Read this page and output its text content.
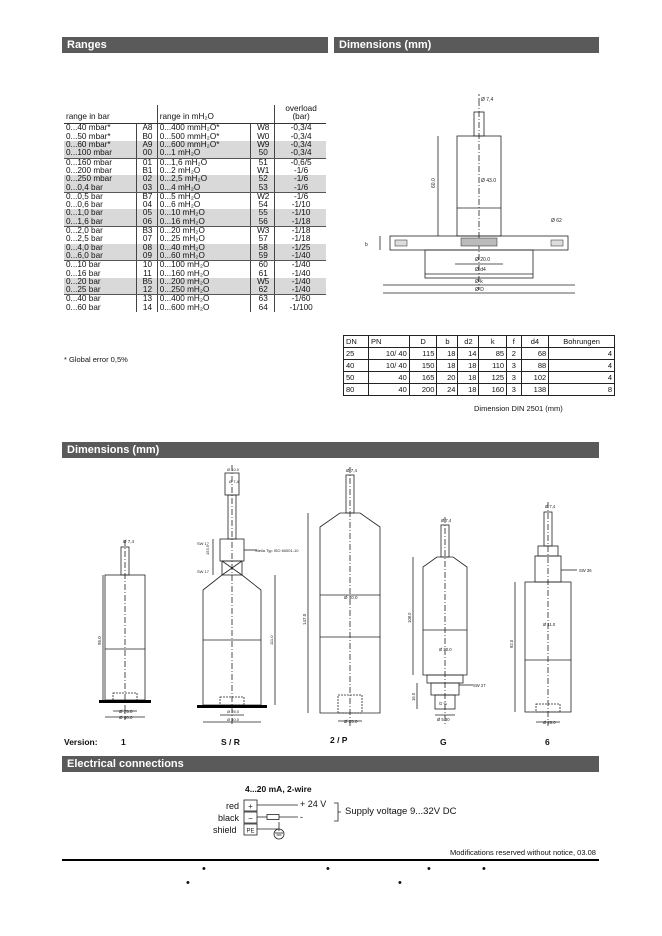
Ranges	Dimensions (mm)
Dimensions (mm)
Electrical connections
range in bar		range in mH₂O		overload
(bar)

0...40 mbar*	A8	0...400 mmH₂O*	W8	-0,3/4
0...50 mbar*	B0	0...500 mmH₂O*	W0	-0,3/4
0...60 mbar*	A9	0...600 mmH₂O*	W9	-0,3/4
0...100 mbar	00	0...1 mH₂O	50	-0,3/4
0...160 mbar	01	0...1,6 mH₂O	51	-0,6/5
0...200 mbar	B1	0...2 mH₂O	W1	-1/6
0...250 mbar	02	0...2,5 mH₂O	52	-1/6
0...0,4 bar	03	0...4 mH₂O	53	-1/6
0...0,5 bar	B7	0...5 mH₂O	W2	-1/6
0...0,6 bar	04	0...6 mH₂O	54	-1/10
0...1,0 bar	05	0...10 mH₂O	55	-1/10
0...1,6 bar	06	0...16 mH₂O	56	-1/18
0...2,0 bar	B3	0...20 mH₂O	W3	-1/18
0...2,5 bar	07	0...25 mH₂O	57	-1/18
0...4,0 bar	08	0...40 mH₂O	58	-1/25
0...6,0 bar	09	0...60 mH₂O	59	-1/40
0...10 bar	10	0...100 mH₂O	60	-1/40
0...16 bar	11	0...160 mH₂O	61	-1/40
0...20 bar	B5	0...200 mH₂O	W5	-1/40
0...25 bar	12	0...250 mH₂O	62	-1/40
0...40 bar	13	0...400 mH₂O	63	-1/60
0...60 bar	14	0...600 mH₂O	64	-1/100
* Global error 0,5%
Ø 7,4
Ø 43.0
Ø 62
Ø 20.0
Ø d4
Ø k
Ø D
60.0
b
DN	PN	D	b	d2	k	f	d4	Bohrungen
25	10/ 40	115	18	14	85	2	68	4
40	10/ 40	150	18	18	110	3	88	4
50	40	165	20	18	125	3	102	4
80	40	200	24	18	160	3	138	8
Dimension DIN 2501 (mm)
Ø 7,4
Ø 25.0
Ø 40.0
95.0
Ø 10.0
Ø 7,4
SW 17
Stella Typ ISO 60001-10
SW 17
153.5
Ø 25.0
Ø 40.0
111.0
Ø 7,4
Ø 40.0
Ø 25.0
147.0
Ø 7,4
Ø 30.0
SW 27
G ¼
Ø 5.30
108.0
16.0
Ø 7,4
SW 36
Ø 11.0
Ø 25.0
92.0
Version:	1	S / R	2 / P	G	6
4...20 mA, 2-wire
red
black
shield
+
−
PE
+ 24 V
-	Supply voltage 9...32V DC
Modifications reserved without notice, 03.08
•	•	•	•
•	•
